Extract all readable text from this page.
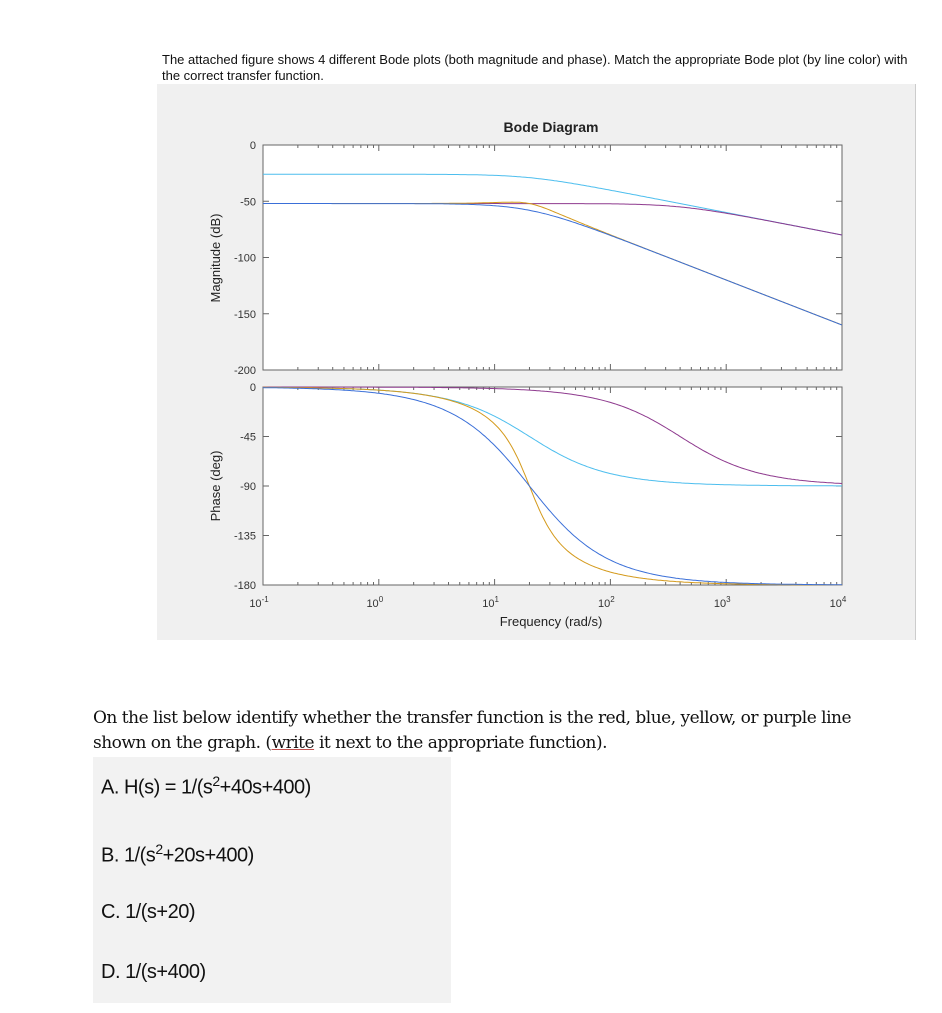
The attached figure shows 4 different Bode plots (both magnitude and phase). Match the appropriate Bode plot (by line color) with the correct transfer function.
Bode Diagram
$10^{-1}$	$10^0$	$10^1$	$10^2$	$10^3$	$10^4$
0
-50
-100
-150
-200
0
-45
-90
-135
-180
Magnitude (dB)
Phase (deg)
Frequency (rad/s)
On the list below identify whether the transfer function is the red, blue, yellow, or purple line shown on the graph. (write it next to the appropriate function).
A. $H(s) = 1/(s^2+40s+400)$
B. $1/(s^2+20s+400)$
C. 1/(s+20)
D. 1/(s+400)
